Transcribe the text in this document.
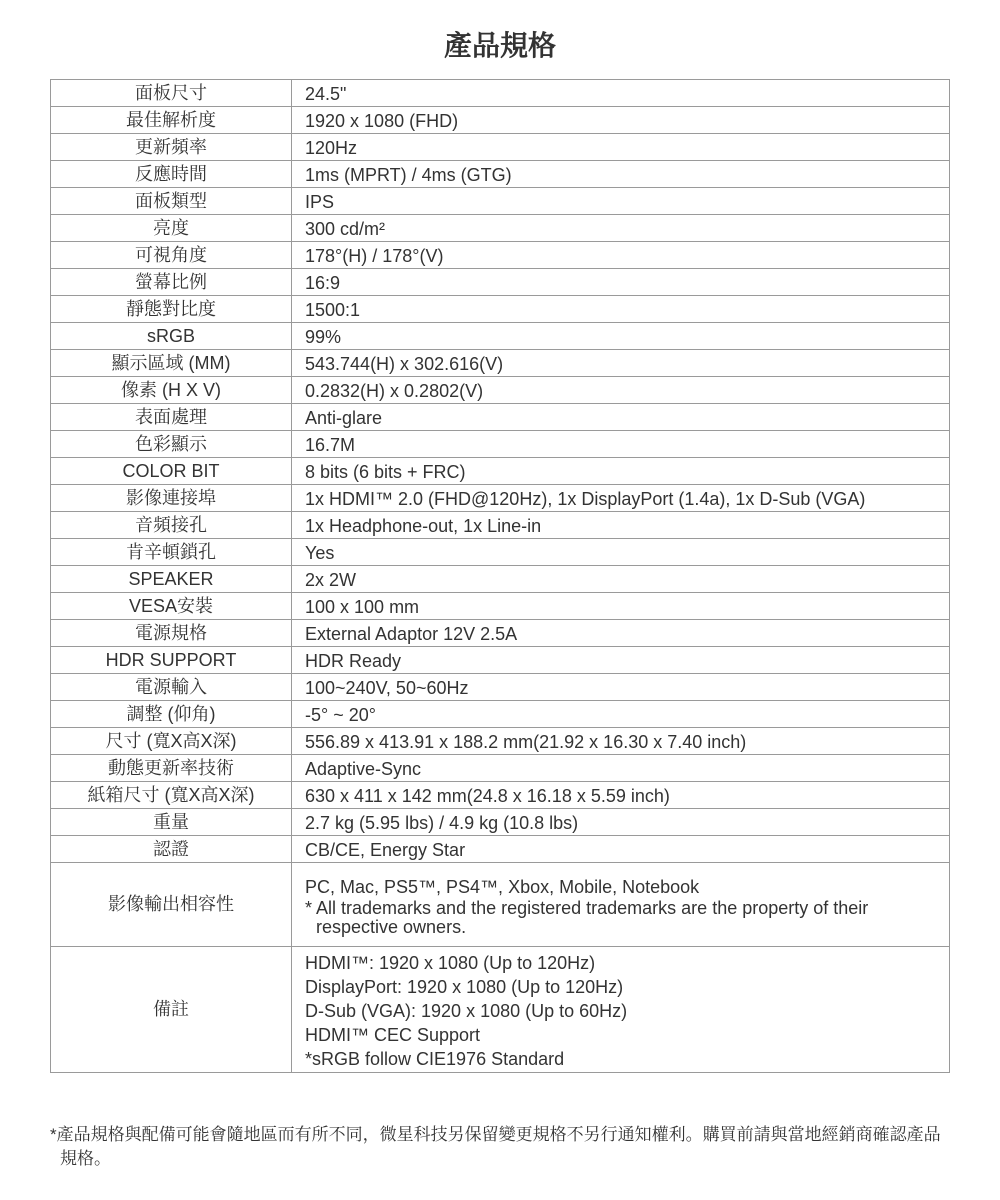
產品規格
面板尺寸	24.5"
最佳解析度	1920 x 1080 (FHD)
更新頻率	120Hz
反應時間	1ms (MPRT) / 4ms (GTG)
面板類型	IPS
亮度	300 cd/m²
可視角度	178°(H) / 178°(V)
螢幕比例	16:9
靜態對比度	1500:1
sRGB	99%
顯示區域 (MM)	543.744(H) x 302.616(V)
像素 (H X V)	0.2832(H) x 0.2802(V)
表面處理	Anti-glare
色彩顯示	16.7M
COLOR BIT	8 bits (6 bits + FRC)
影像連接埠	1x HDMI™ 2.0 (FHD@120Hz), 1x DisplayPort (1.4a), 1x D-Sub (VGA)
音頻接孔	1x Headphone-out, 1x Line-in
肯辛頓鎖孔	Yes
SPEAKER	2x 2W
VESA安裝	100 x 100 mm
電源規格	External Adaptor 12V 2.5A
HDR SUPPORT	HDR Ready
電源輸入	100~240V, 50~60Hz
調整 (仰角)	-5° ~ 20°
尺寸 (寬X高X深)	556.89 x 413.91 x 188.2 mm(21.92 x 16.30 x 7.40 inch)
動態更新率技術	Adaptive-Sync
紙箱尺寸 (寬X高X深)	630 x 411 x 142 mm(24.8 x 16.18 x 5.59 inch)
重量	2.7 kg (5.95 lbs) / 4.9 kg (10.8 lbs)
認證	CB/CE, Energy Star
影像輸出相容性	PC, Mac, PS5™, PS4™, Xbox, Mobile, Notebook
* All trademarks and the registered trademarks are the property of their respective owners.

備註	HDMI™: 1920 x 1080 (Up to 120Hz)
DisplayPort: 1920 x 1080 (Up to 120Hz)
D-Sub (VGA): 1920 x 1080 (Up to 60Hz)
HDMI™ CEC Support
*sRGB follow CIE1976 Standard
*產品規格與配備可能會隨地區而有所不同，微星科技另保留變更規格不另行通知權利。購買前請與當地經銷商確認產品規格。
